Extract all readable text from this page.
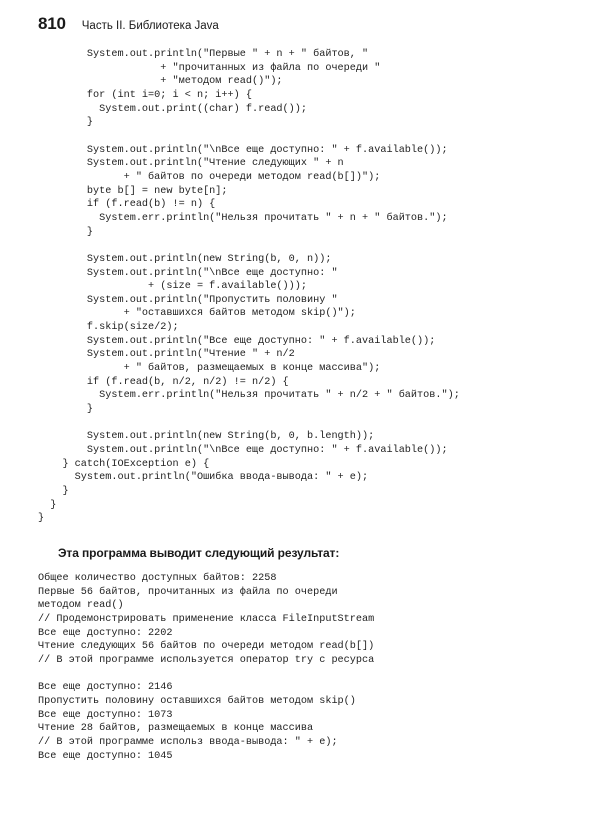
810 Часть II. Библиотека Java
System.out.println("Первые " + n + " байтов, "
+ "прочитанных из файла по очереди "
+ "методом read()");
for (int i=0; i < n; i++) {
System.out.print((char) f.read());
}

System.out.println("\nВсе еще доступно: " + f.available());
System.out.println("Чтение следующих " + n
+ " байтов по очереди методом read(b[])");
byte b[] = new byte[n];
if (f.read(b) != n) {
System.err.println("Нельзя прочитать " + n + " байтов.");
}

System.out.println(new String(b, 0, n));
System.out.println("\nВсе еще доступно: "
+ (size = f.available()));
System.out.println("Пропустить половину "
+ "оставшихся байтов методом skip()");
f.skip(size/2);
System.out.println("Все еще доступно: " + f.available());
System.out.println("Чтение " + n/2
+ " байтов, размещаемых в конце массива");
if (f.read(b, n/2, n/2) != n/2) {
System.err.println("Нельзя прочитать " + n/2 + " байтов.");
}

System.out.println(new String(b, 0, b.length));
System.out.println("\nВсе еще доступно: " + f.available());
} catch(IOException e) {
System.out.println("Ошибка ввода-вывода: " + e);
}
}
}
Эта программа выводит следующий результат:
Общее количество доступных байтов: 2258
Первые 56 байтов, прочитанных из файла по очереди
методом read()
// Продемонстрировать применение класса FileInputStream
Все еще доступно: 2202
Чтение следующих 56 байтов по очереди методом read(b[])
// В этой программе используется оператор try с ресурса

Все еще доступно: 2146
Пропустить половину оставшихся байтов методом skip()
Все еще доступно: 1073
Чтение 28 байтов, размещаемых в конце массива
// В этой программе использ ввода-вывода: " + e);
Все еще доступно: 1045
